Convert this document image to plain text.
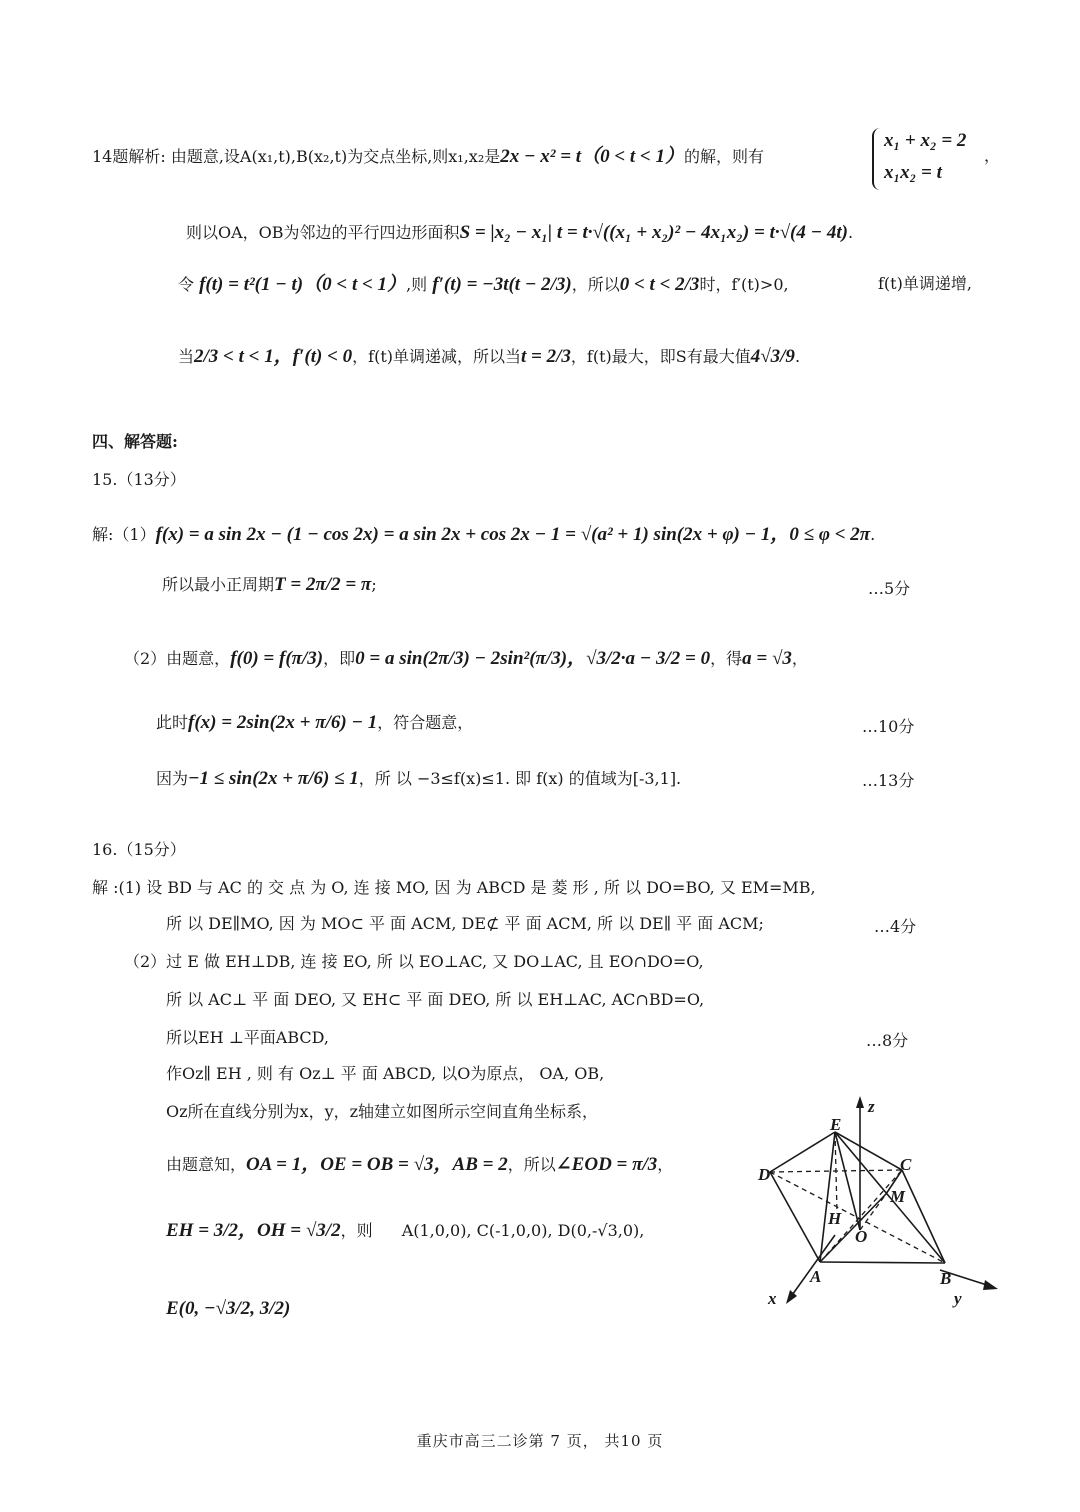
14题解析: 由题意,设A(x₁,t),B(x₂,t)为交点坐标,则x₁,x₂是2x − x² = t（0 < t < 1）的解，则有
x₁ + x₂ = 2
x₁x₂ = t
，
则以OA，OB为邻边的平行四边形面积S = |x₂ − x₁| t = t·√((x₁ + x₂)² − 4x₁x₂) = t·√(4 − 4t).
令 f(t) = t²(1 − t)（0 < t < 1）,则 f′(t) = −3t(t − 2/3)，所以0 < t < 2/3时，f′(t)>0,	f(t)单调递增,
当2/3 < t < 1，f′(t) < 0，f(t)单调递减，所以当t = 2/3，f(t)最大，即S有最大值4√3/9.
四、解答题:
15.（13分）
解:（1）f(x) = a sin 2x − (1 − cos 2x) = a sin 2x + cos 2x − 1 = √(a² + 1) sin(2x + φ) − 1，0 ≤ φ < 2π.
所以最小正周期T = 2π/2 = π;	…5分
（2）由题意，f(0) = f(π/3)，即0 = a sin(2π/3) − 2sin²(π/3)，√3/2·a − 3/2 = 0，得a = √3，
此时f(x) = 2sin(2x + π/6) − 1，符合题意，	…10分
因为−1 ≤ sin(2x + π/6) ≤ 1，所 以 −3≤f(x)≤1. 即 f(x) 的值域为[-3,1].	…13分
16.（15分）
解 :(1) 设 BD 与 AC 的 交 点 为 O, 连 接 MO, 因 为 ABCD 是 菱 形 , 所 以 DO=BO, 又 EM=MB,
所 以 DE∥MO, 因 为 MO⊂ 平 面 ACM, DE⊄ 平 面 ACM, 所 以 DE∥ 平 面 ACM;	…4分
（2）过 E 做 EH⊥DB, 连 接 EO, 所 以 EO⊥AC, 又 DO⊥AC, 且 EO∩DO=O,
所 以 AC⊥ 平 面 DEO, 又 EH⊂ 平 面 DEO, 所 以 EH⊥AC, AC∩BD=O,
所以EH ⊥平面ABCD,	…8分
作Oz∥ EH , 则 有 Oz⊥ 平 面 ABCD, 以O为原点， OA, OB,
Oz所在直线分别为x，y，z轴建立如图所示空间直角坐标系，
由题意知，OA = 1，OE = OB = √3，AB = 2，所以∠EOD = π/3，
EH = 3/2，OH = √3/2，则 A(1,0,0), C(-1,0,0), D(0,-√3,0),
E(0, −√3/2, 3/2)
z
E
D
C
M
H
O
A	B
x	y
重庆市高三二诊第 7 页， 共10 页
